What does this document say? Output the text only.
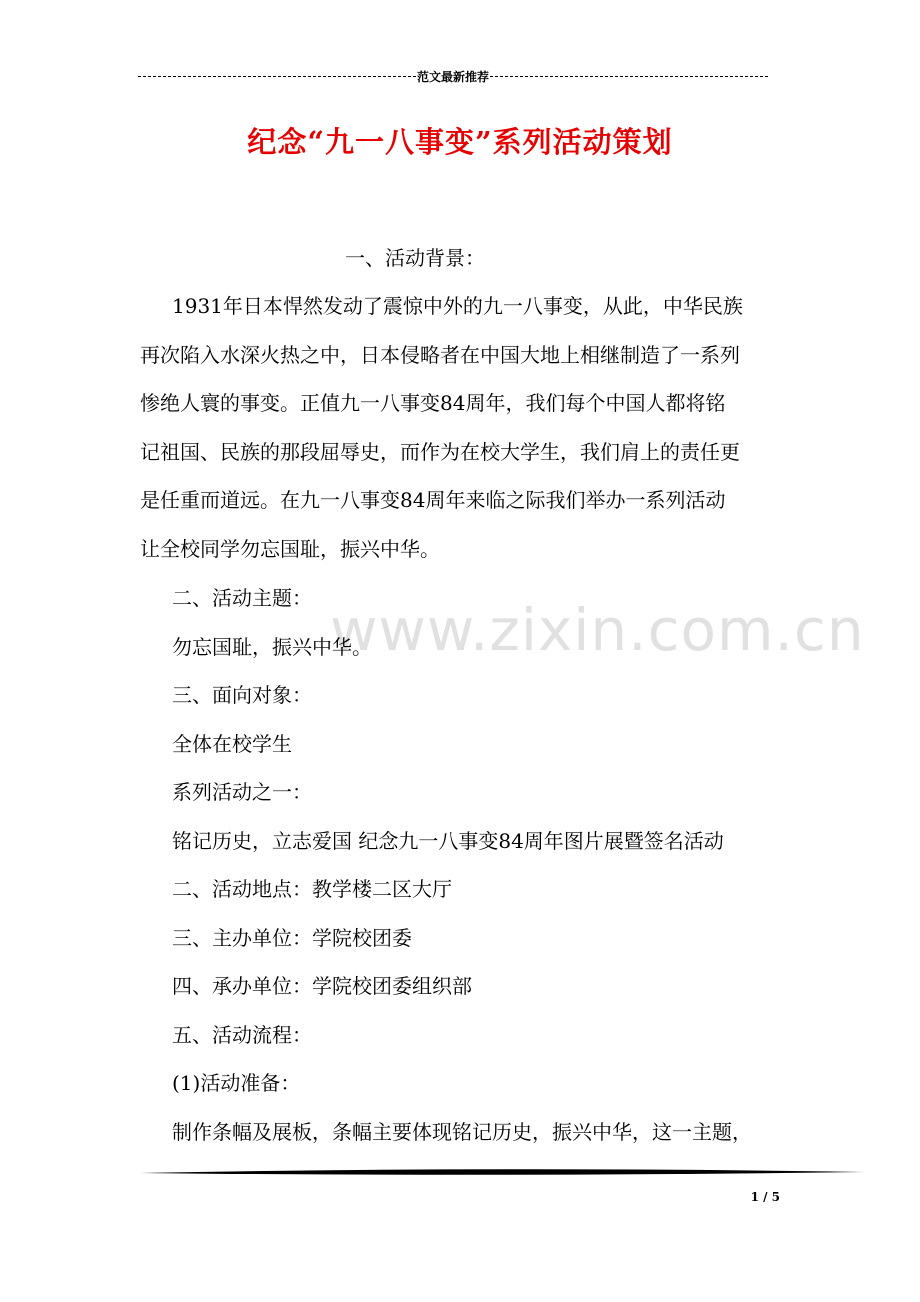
范文最新推荐
纪念“九一八事变”系列活动策划
www.zixin.com.cn
一、活动背景：
1931年日本悍然发动了震惊中外的九一八事变，从此，中华民族
再次陷入水深火热之中，日本侵略者在中国大地上相继制造了一系列
惨绝人寰的事变。正值九一八事变84周年，我们每个中国人都将铭
记祖国、民族的那段屈辱史，而作为在校大学生，我们肩上的责任更
是任重而道远。在九一八事变84周年来临之际我们举办一系列活动
让全校同学勿忘国耻，振兴中华。
二、活动主题：
勿忘国耻，振兴中华。
三、面向对象：
全体在校学生
系列活动之一：
铭记历史，立志爱国 纪念九一八事变84周年图片展暨签名活动
二、活动地点：教学楼二区大厅
三、主办单位：学院校团委
四、承办单位：学院校团委组织部
五、活动流程：
(1)活动准备：
制作条幅及展板，条幅主要体现铭记历史，振兴中华，这一主题，
1 / 5
